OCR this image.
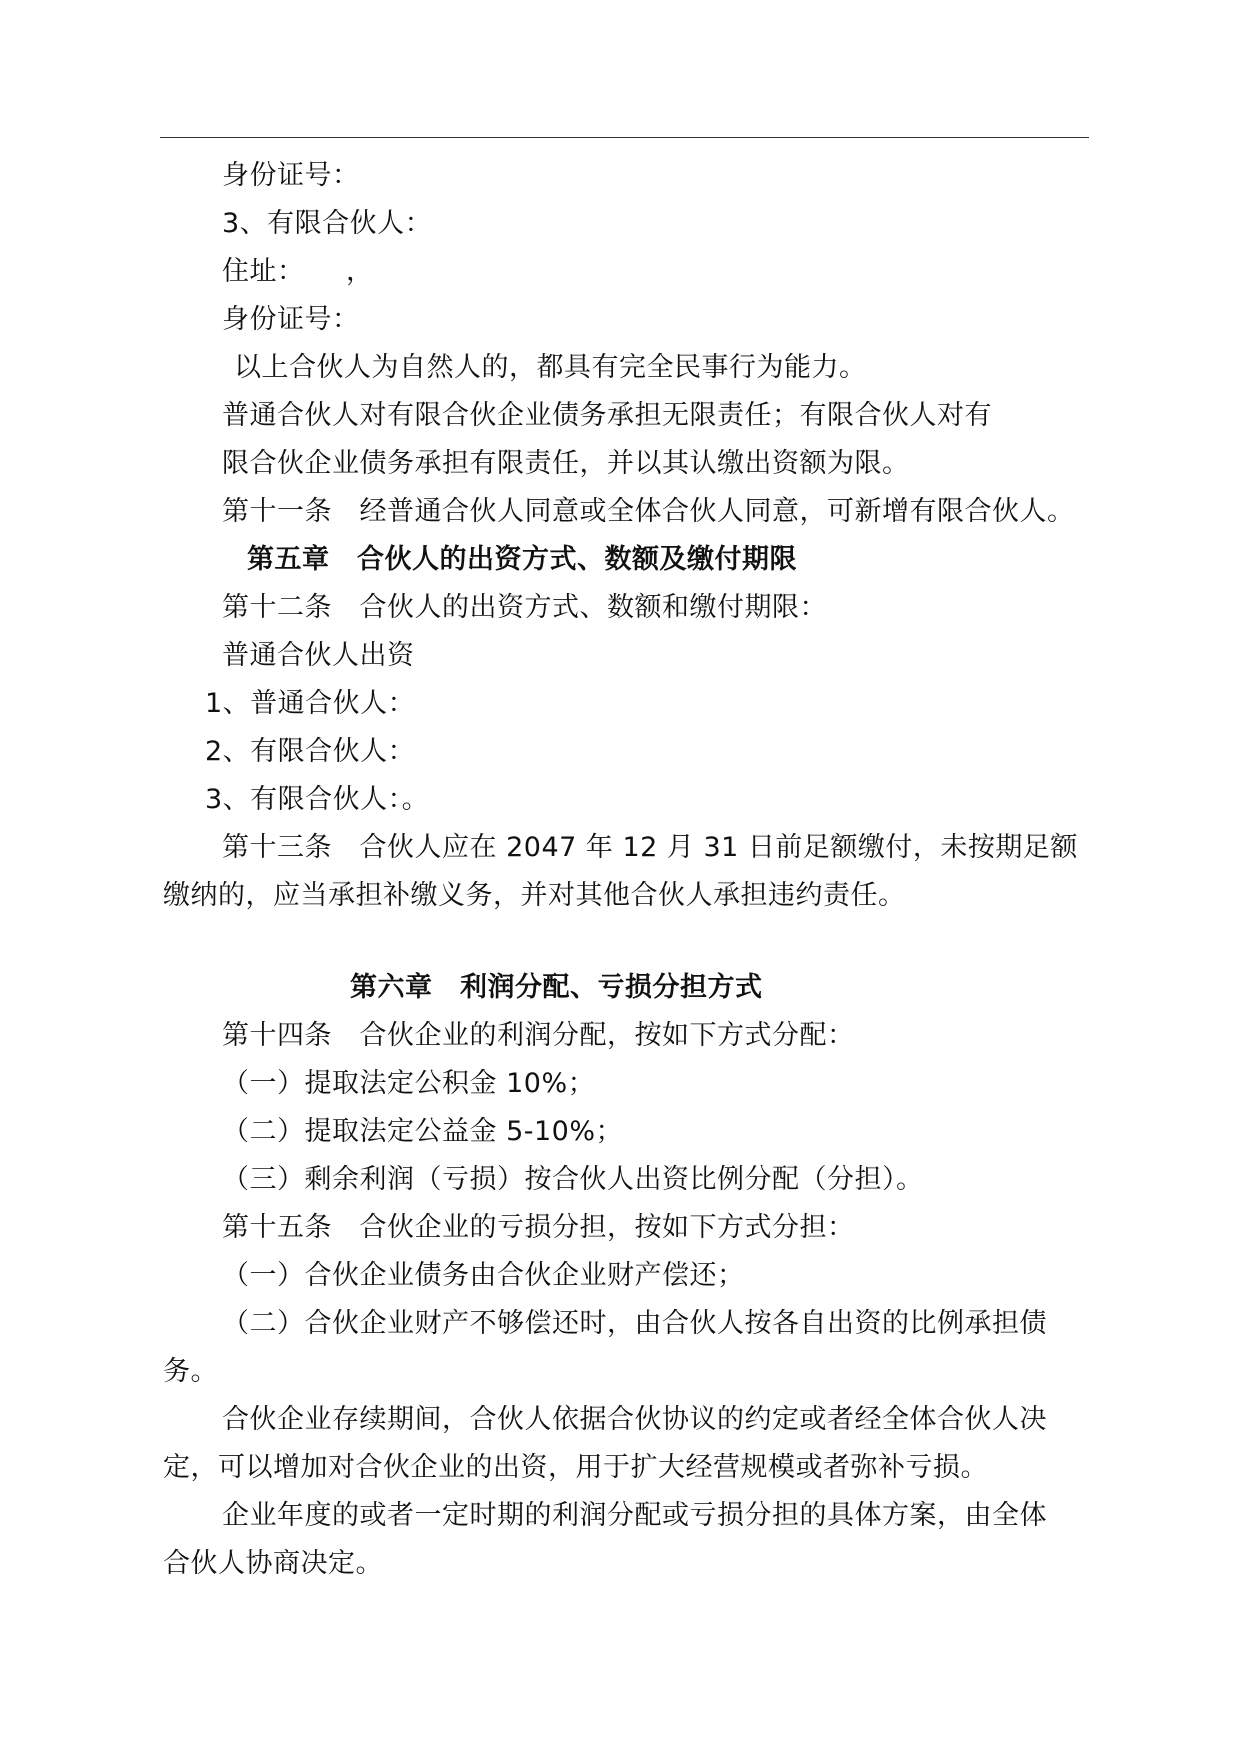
身份证号：
3、有限合伙人：
住址：　　，
身份证号：
以上合伙人为自然人的，都具有完全民事行为能力。
普通合伙人对有限合伙企业债务承担无限责任；有限合伙人对有
限合伙企业债务承担有限责任，并以其认缴出资额为限。
第十一条　经普通合伙人同意或全体合伙人同意，可新增有限合伙人。
第五章　合伙人的出资方式、数额及缴付期限
第十二条　合伙人的出资方式、数额和缴付期限：
普通合伙人出资
1、普通合伙人：
2、有限合伙人：
3、有限合伙人：。
第十三条　合伙人应在 2047 年 12 月 31 日前足额缴付，未按期足额
缴纳的，应当承担补缴义务，并对其他合伙人承担违约责任。
第六章　利润分配、亏损分担方式
第十四条　合伙企业的利润分配，按如下方式分配：
（一）提取法定公积金 10%；
（二）提取法定公益金 5-10%；
（三）剩余利润（亏损）按合伙人出资比例分配（分担）。
第十五条　合伙企业的亏损分担，按如下方式分担：
（一）合伙企业债务由合伙企业财产偿还；
（二）合伙企业财产不够偿还时，由合伙人按各自出资的比例承担债
务。
合伙企业存续期间，合伙人依据合伙协议的约定或者经全体合伙人决
定，可以增加对合伙企业的出资，用于扩大经营规模或者弥补亏损。
企业年度的或者一定时期的利润分配或亏损分担的具体方案，由全体
合伙人协商决定。
